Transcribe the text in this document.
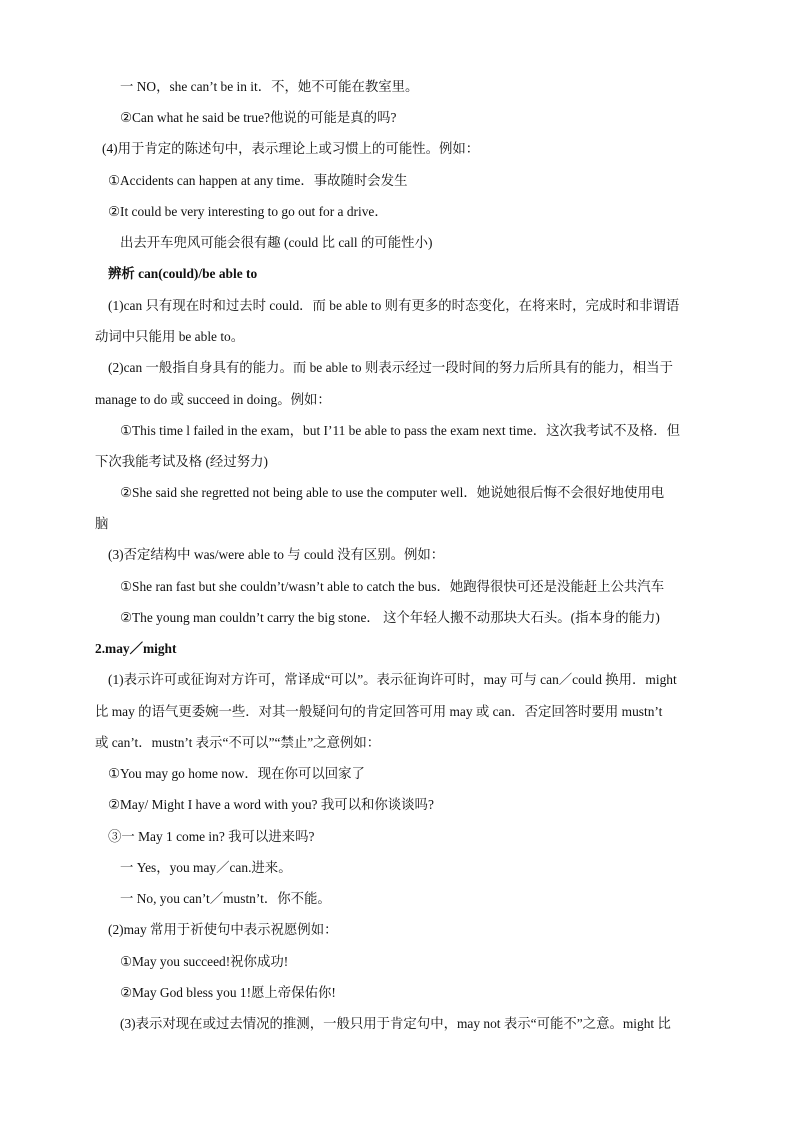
一 NO，she can’t be in it．不，她不可能在教室里。
②Can what he said be true?他说的可能是真的吗?
(4)用于肯定的陈述句中，表示理论上或习惯上的可能性。例如：
①Accidents can happen at any time．事故随时会发生
②It could be very interesting to go out for a drive．
出去开车兜风可能会很有趣 (could 比 call 的可能性小)
辨析 can(could)/be able to
(1)can 只有现在时和过去时 could．而 be able to 则有更多的时态变化，在将来时，完成时和非谓语
动词中只能用 be able to。
(2)can 一般指自身具有的能力。而 be able to 则表示经过一段时间的努力后所具有的能力，相当于
manage to do 或 succeed in doing。例如：
①This time l failed in the exam，but I’11 be able to pass the exam next time．这次我考试不及格．但
下次我能考试及格 (经过努力)
②She said she regretted not being able to use the computer well．她说她很后悔不会很好地使用电
脑
(3)否定结构中 was/were able to 与 could 没有区别。例如：
①She ran fast but she couldn’t/wasn’t able to catch the bus．她跑得很快可还是没能赶上公共汽车
②The young man couldn’t carry the big stone． 这个年轻人搬不动那块大石头。(指本身的能力)
2.may／might
(1)表示许可或征询对方许可，常译成“可以”。表示征询许可时，may 可与 can／could 换用．might
比 may 的语气更委婉一些．对其一般疑问句的肯定回答可用 may 或 can．否定回答时要用 mustn’t
或 can’t．mustn’t 表示“不可以”“禁止”之意例如：
①You may go home now．现在你可以回家了
②May/ Might I have a word with you? 我可以和你谈谈吗?
③一 May 1 come in? 我可以进来吗?
一 Yes，you may／can.进来。
一 No, you can’t／mustn’t．你不能。
(2)may 常用于祈使句中表示祝愿例如：
①May you succeed!祝你成功!
②May God bless you 1!愿上帝保佑你!
(3)表示对现在或过去情况的推测，一般只用于肯定句中，may not 表示“可能不”之意。might 比
